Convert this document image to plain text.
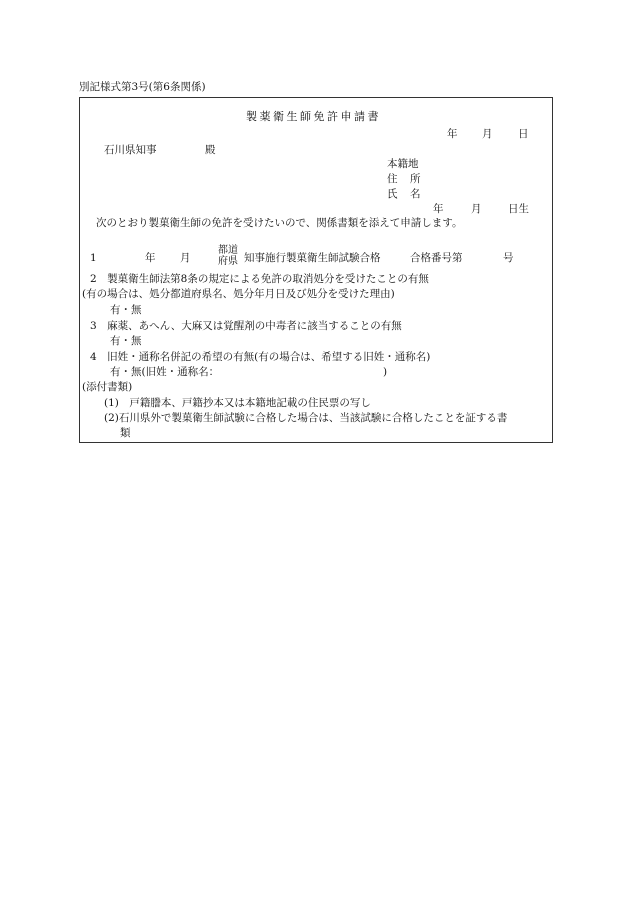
別記様式第3号(第6条関係)
製薬衛生師免許申請書
年 月 日
石川県知事	殿
本籍地
住 所
氏 名
年	月	日生
次のとおり製菓衛生師の免許を受けたいので、関係書類を添えて申請します。
1	年 月
都道
府県 知事施行製菓衛生師試験合格	合格番号第	号
2　製菓衛生師法第8条の規定による免許の取消処分を受けたことの有無
(有の場合は、処分都道府県名、処分年月日及び処分を受けた理由)
有・無
3　麻薬、あへん、大麻又は覚醒剤の中毒者に該当することの有無
有・無
4　旧姓・通称名併記の希望の有無(有の場合は、希望する旧姓・通称名)
有・無(旧姓・通称名：	)
(添付書類)
(1)　戸籍謄本、戸籍抄本又は本籍地記載の住民票の写し
(2)石川県外で製菓衛生師試験に合格した場合は、当該試験に合格したことを証する書
類
